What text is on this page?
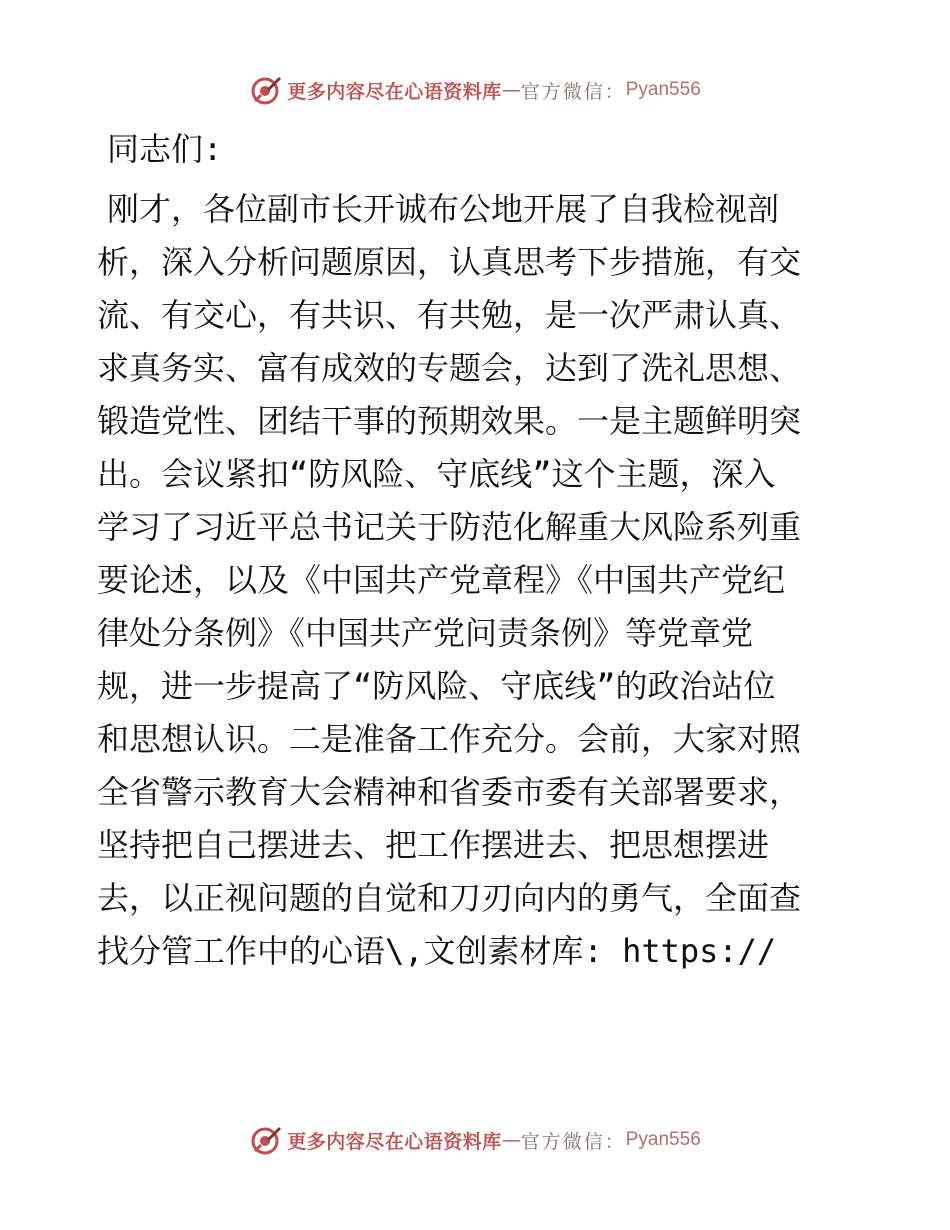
更多内容尽在心语资料库 — 官方微信： Pyan556
同志们:
刚才，各位副市长开诚布公地开展了自我检视剖
析，深入分析问题原因，认真思考下步措施，有交
流、有交心，有共识、有共勉，是一次严肃认真、
求真务实、富有成效的专题会，达到了洗礼思想、
锻造党性、团结干事的预期效果。一是主题鲜明突
出。会议紧扣“防风险、守底线”这个主题，深入
学习了习近平总书记关于防范化解重大风险系列重
要论述，以及《中国共产党章程》《中国共产党纪
律处分条例》《中国共产党问责条例》等党章党
规，进一步提高了“防风险、守底线”的政治站位
和思想认识。二是准备工作充分。会前，大家对照
全省警示教育大会精神和省委市委有关部署要求，
坚持把自己摆进去、把工作摆进去、把思想摆进
去，以正视问题的自觉和刀刃向内的勇气，全面查
找分管工作中的心语\,文创素材库: https://
更多内容尽在心语资料库 — 官方微信： Pyan556
